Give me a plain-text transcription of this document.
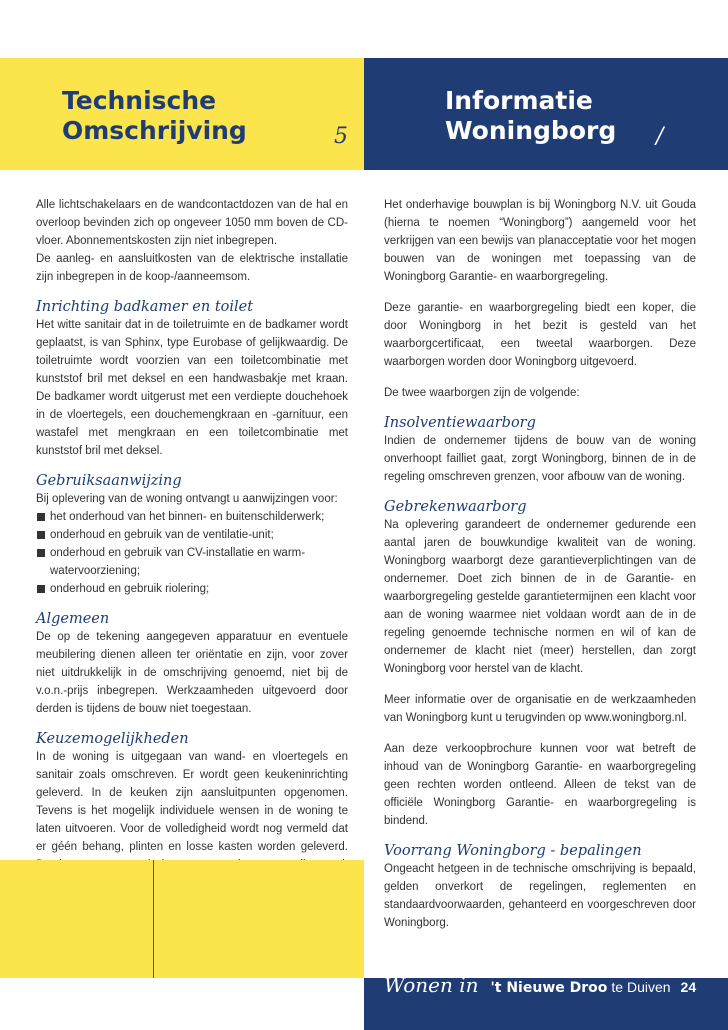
Technische
Omschrijving	5
Informatie
Woningborg /

Alle lichtschakelaars en de wandcontactdozen van de hal en overloop bevinden zich op ongeveer 1050 mm boven de CD-vloer. Abonnementskosten zijn niet inbegrepen.

De aanleg- en aansluitkosten van de elektrische installatie zijn inbegrepen in de koop-/aanneemsom.

Inrichting badkamer en toilet

Het witte sanitair dat in de toiletruimte en de badkamer wordt geplaatst, is van Sphinx, type Eurobase of gelijkwaardig. De toiletruimte wordt voorzien van een toiletcombinatie met kunststof bril met deksel en een handwasbakje met kraan. De badkamer wordt uitgerust met een verdiepte douchehoek in de vloertegels, een douchemengkraan en -garnituur, een wastafel met mengkraan en een toiletcombinatie met kunststof bril met deksel.

Gebruiksaanwijzing

Bij oplevering van de woning ontvangt u aanwijzingen voor:

het onderhoud van het binnen- en buitenschilderwerk;
onderhoud en gebruik van de ventilatie-unit;
onderhoud en gebruik van CV-installatie en warm-
watervoorziening;
onderhoud en gebruik riolering;

Algemeen

De op de tekening aangegeven apparatuur en eventuele meubilering dienen alleen ter oriëntatie en zijn, voor zover niet uitdrukkelijk in de omschrijving genoemd, niet bij de v.o.n.-prijs inbegrepen. Werkzaamheden uitgevoerd door derden is tijdens de bouw niet toegestaan.

Keuzemogelijkheden

In de woning is uitgegaan van wand- en vloertegels en sanitair zoals omschreven. Er wordt geen keukeninrichting geleverd. In de keuken zijn aansluitpunten opgenomen. Tevens is het mogelijk individuele wensen in de woning te laten uitvoeren. Voor de volledigheid wordt nog vermeld dat er géén behang, plinten en losse kasten worden geleverd.

Het onderhavige bouwplan is bij Woningborg N.V. uit Gouda (hierna te noemen “Woningborg”) aangemeld voor het verkrijgen van een bewijs van planacceptatie voor het mogen bouwen van de woningen met toepassing van de Woningborg Garantie- en waarborgregeling.

Deze garantie- en waarborgregeling biedt een koper, die door Woningborg in het bezit is gesteld van het waarborgcertificaat, een tweetal waarborgen. Deze waarborgen worden door Woningborg uitgevoerd.

De twee waarborgen zijn de volgende:

Insolventiewaarborg

Indien de ondernemer tijdens de bouw van de woning onverhoopt failliet gaat, zorgt Woningborg, binnen de in de regeling omschreven grenzen, voor afbouw van de woning.

Gebrekenwaarborg

Na oplevering garandeert de ondernemer gedurende een aantal jaren de bouwkundige kwaliteit van de woning. Woningborg waarborgt deze garantieverplichtingen van de ondernemer. Doet zich binnen de in de Garantie- en waarborgregeling gestelde garantietermijnen een klacht voor aan de woning waarmee niet voldaan wordt aan de in de regeling genoemde technische normen en wil of kan de ondernemer de klacht niet (meer) herstellen, dan zorgt Woningborg voor herstel van de klacht.

Meer informatie over de organisatie en de werkzaamheden van Woningborg kunt u terugvinden op www.woningborg.nl.

Aan deze verkoopbrochure kunnen voor wat betreft de inhoud van de Woningborg Garantie- en waarborgregeling geen rechten worden ontleend. Alleen de tekst van de officiële Woningborg Garantie- en waarborgregeling is bindend.

Voorrang Woningborg - bepalingen

Ongeacht hetgeen in de technische omschrijving is bepaald, gelden onverkort de regelingen, reglementen en standaardvoorwaarden, gehanteerd en voorgeschreven door Woningborg.

Wonen in 't Nieuwe Droo te Duiven 24
